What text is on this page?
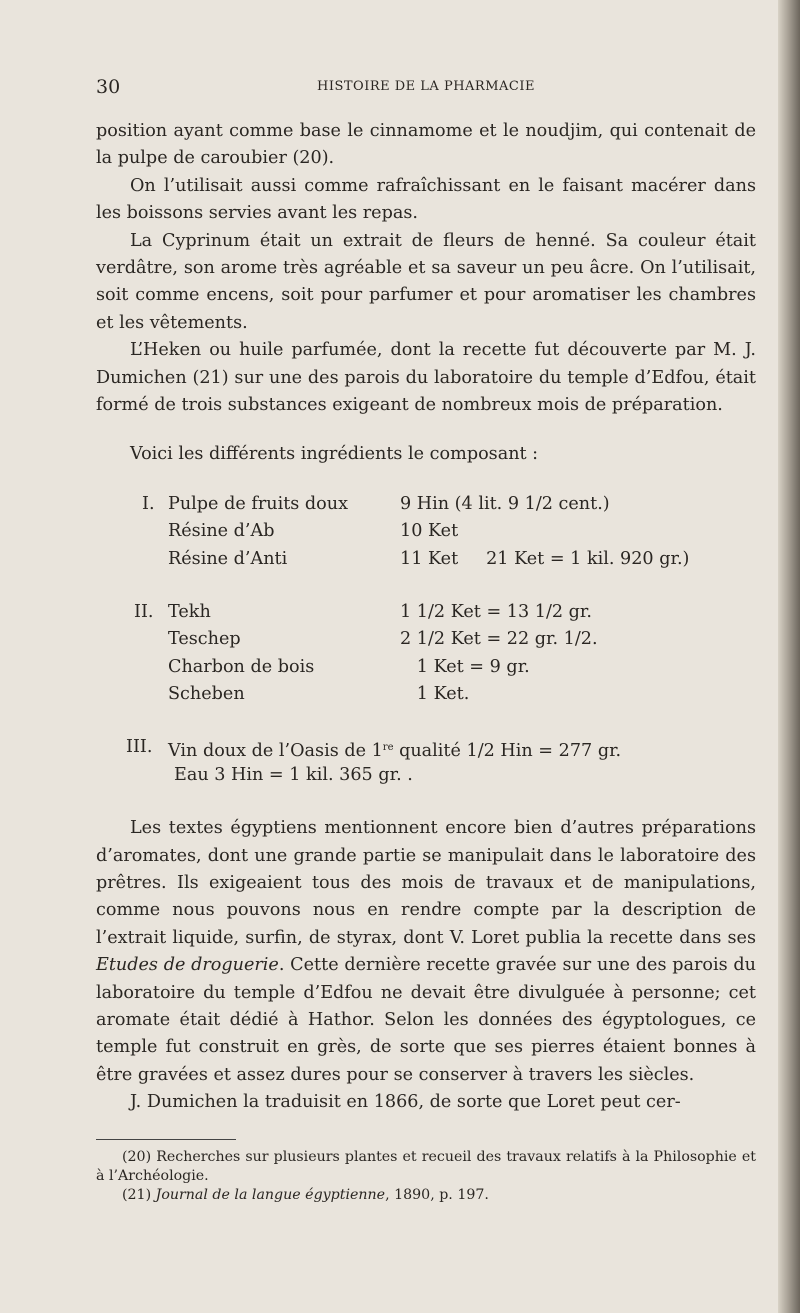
30	HISTOIRE DE LA PHARMACIE

position ayant comme base le cinnamome et le noudjim, qui contenait de la pulpe de caroubier (20).

On l’utilisait aussi comme rafraîchissant en le faisant macérer dans les boissons servies avant les repas.

La Cyprinum était un extrait de fleurs de henné. Sa couleur était verdâtre, son arome très agréable et sa saveur un peu âcre. On l’utilisait, soit comme encens, soit pour parfumer et pour aromatiser les chambres et les vêtements.

L’Heken ou huile parfumée, dont la recette fut découverte par M. J. Dumichen (21) sur une des parois du laboratoire du temple d’Edfou, était formé de trois substances exigeant de nombreux mois de préparation.

Voici les différents ingrédients le composant :

I. Pulpe de fruits doux	9 Hin (4 lit. 9 1/2 cent.)
Résine d’Ab	10 Ket
Résine d’Anti	11 Ket     21 Ket = 1 kil. 920 gr.)
II. Tekh	1 1/2 Ket = 13 1/2 gr.
Teschep	2 1/2 Ket = 22 gr. 1/2.
Charbon de bois	1 Ket = 9 gr.
Scheben	1 Ket.
III. Vin doux de l’Oasis de 1re qualité 1/2 Hin = 277 gr.
Eau 3 Hin = 1 kil. 365 gr. .

Les textes égyptiens mentionnent encore bien d’autres préparations d’aromates, dont une grande partie se manipulait dans le laboratoire des prêtres. Ils exigeaient tous des mois de travaux et de manipulations, comme nous pouvons nous en rendre compte par la description de l’extrait liquide, surfin, de styrax, dont V. Loret publia la recette dans ses Etudes de droguerie. Cette dernière recette gravée sur une des parois du laboratoire du temple d’Edfou ne devait être divulguée à personne; cet aromate était dédié à Hathor. Selon les données des égyptologues, ce temple fut construit en grès, de sorte que ses pierres étaient bonnes à être gravées et assez dures pour se conserver à travers les siècles.

J. Dumichen la traduisit en 1866, de sorte que Loret peut cer-

(20) Recherches sur plusieurs plantes et recueil des travaux relatifs à la Philosophie et à l’Archéologie.

(21) Journal de la langue égyptienne, 1890, p. 197.
